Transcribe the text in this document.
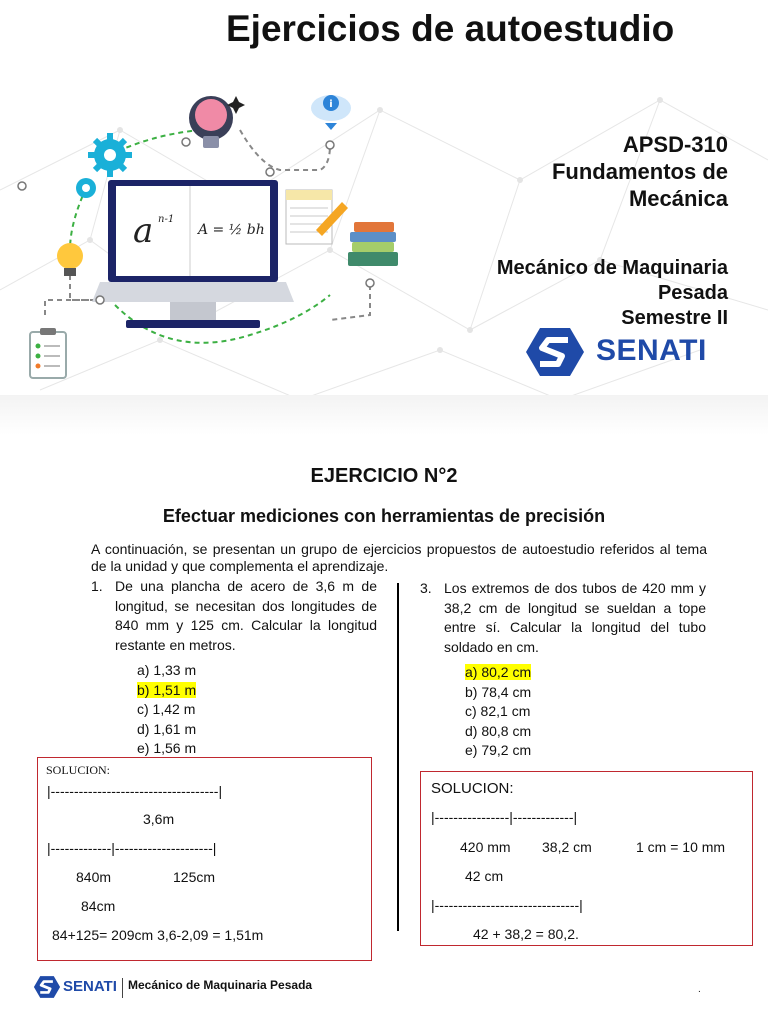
Ejercicios de autoestudio
i
a n-1
A = ½ bh
APSD-310
Fundamentos de
Mecánica
Mecánico de Maquinaria
Pesada
Semestre II
SENATI
EJERCICIO N°2
Efectuar mediciones con herramientas de precisión
A continuación, se presentan un grupo de ejercicios propuestos de autoestudio referidos al tema de la unidad y que complementa el aprendizaje.
1. De una plancha de acero de 3,6 m de longitud, se necesitan dos longitudes de 840 mm y 125 cm. Calcular la longitud restante en metros.
a) 1,33 m
b) 1,51 m
c) 1,42 m
d) 1,61 m
e) 1,56 m
3. Los extremos de dos tubos de 420 mm y 38,2 cm de longitud se sueldan a tope entre sí. Calcular la longitud del tubo soldado en cm.
a) 80,2 cm
b) 78,4 cm
c) 82,1 cm
d) 80,8 cm
e) 79,2 cm
SOLUCION:
|------------------------------------|
3,6m
|-------------|---------------------|
840m	125cm
84cm
84+125= 209cm 3,6-2,09 = 1,51m
SOLUCION:
|----------------|-------------|
420 mm 38,2 cm	1 cm = 10 mm
42 cm
|-------------------------------|
42 + 38,2 = 80,2.
SENATI Mecánico de Maquinaria Pesada	.
